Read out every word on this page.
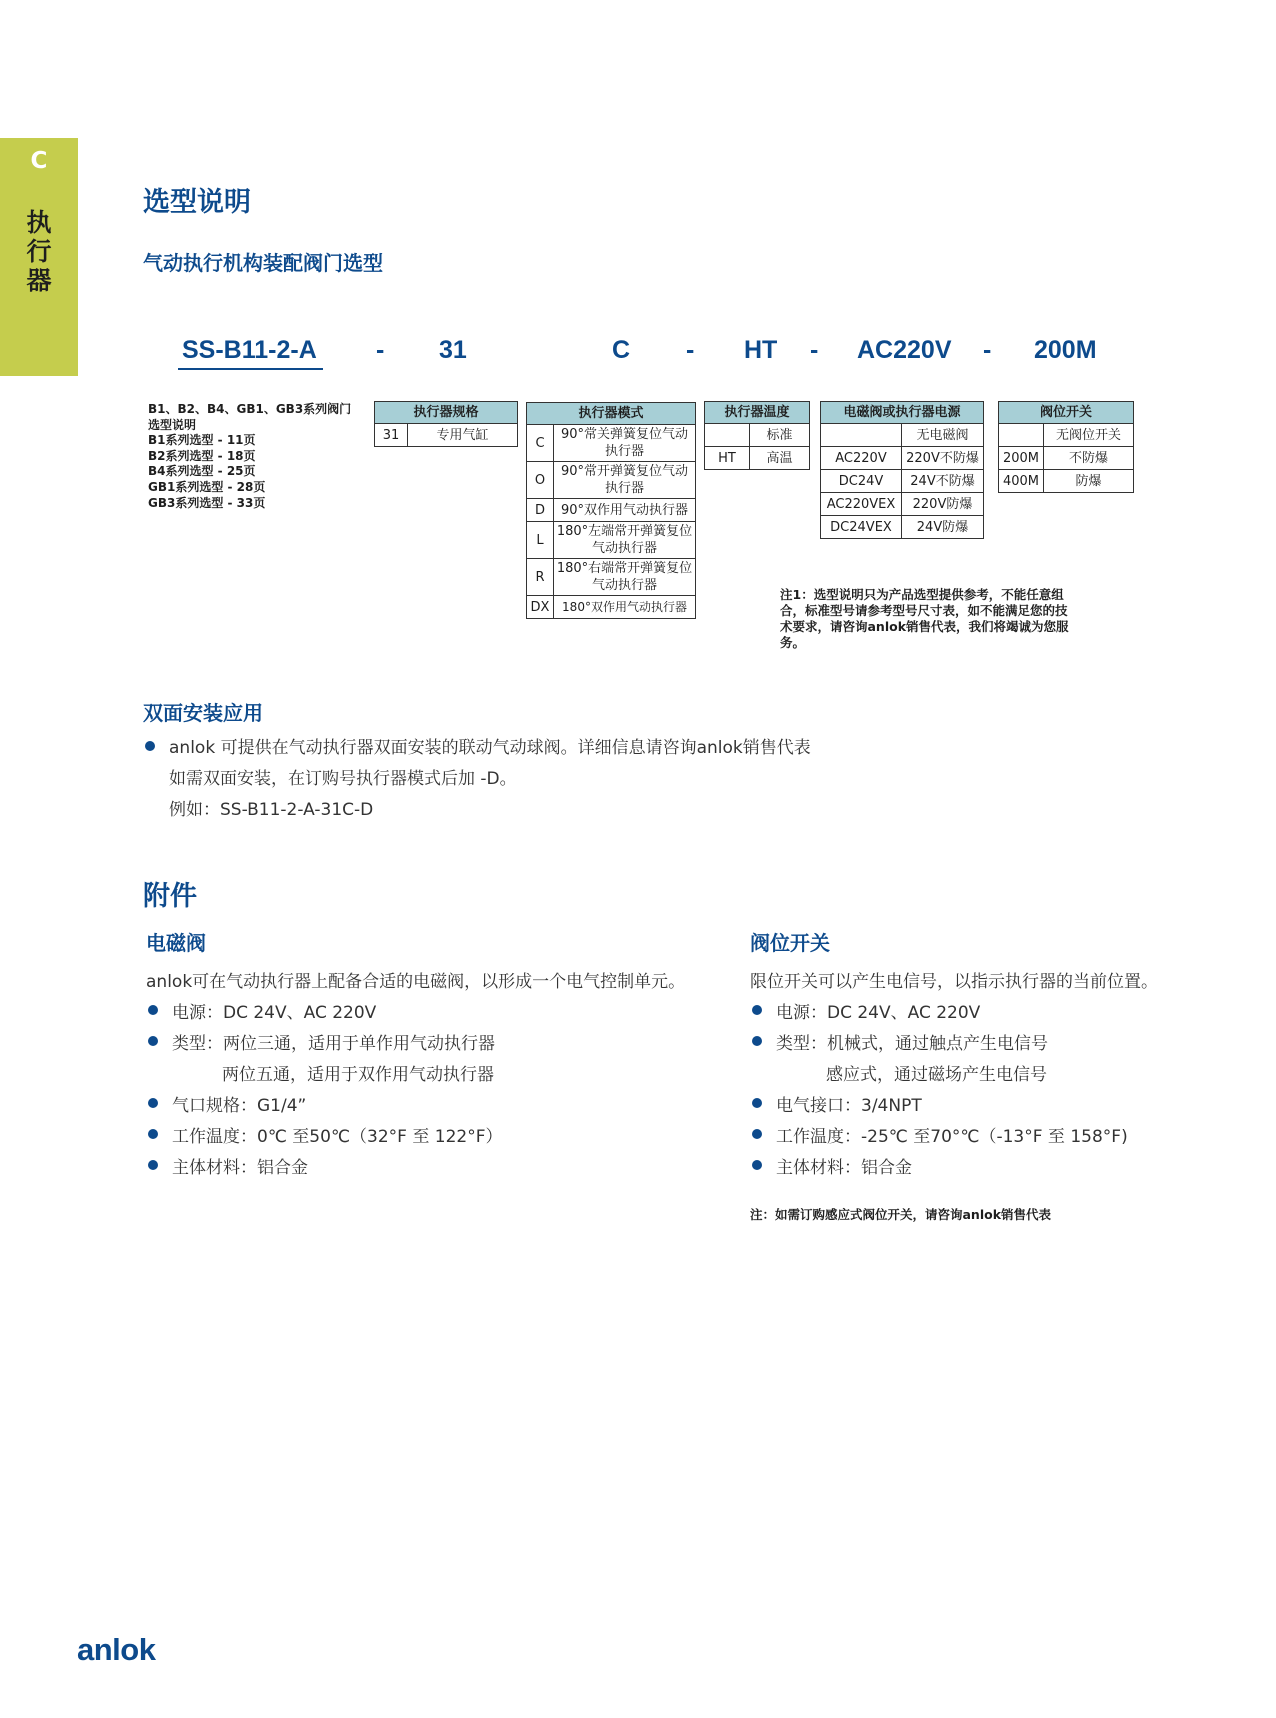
C
执
行
器
选型说明
气动执行机构装配阀门选型
SS-B11-2-A - 31	C - HT - AC220V - 200M
B1、B2、B4、GB1、GB3系列阀门
选型说明
B1系列选型 - 11页
B2系列选型 - 18页
B4系列选型 - 25页
GB1系列选型 - 28页
GB3系列选型 - 33页
执行器规格
31	专用气缸
执行器模式	
C	90°常关弹簧复位气动执行器
O	90°常开弹簧复位气动执行器
D	90°双作用气动执行器
L	180°左端常开弹簧复位气动执行器
R	180°右端常开弹簧复位气动执行器
DX	180°双作用气动执行器
执行器温度	
	标准
HT	高温
电磁阀或执行器电源	
	无电磁阀
AC220V	220V不防爆
DC24V	24V不防爆
AC220VEX	220V防爆
DC24VEX	24V防爆
阀位开关	
	无阀位开关
200M	不防爆
400M	防爆
注1：选型说明只为产品选型提供参考，不能任意组
合，标准型号请参考型号尺寸表，如不能满足您的技
术要求，请咨询anlok销售代表，我们将竭诚为您服
务。
双面安装应用
anlok 可提供在气动执行器双面安装的联动气动球阀。详细信息请咨询anlok销售代表
如需双面安装，在订购号执行器模式后加 -D。
例如：SS-B11-2-A-31C-D
附件
电磁阀
anlok可在气动执行器上配备合适的电磁阀，以形成一个电气控制单元。
电源：DC 24V、AC 220V
类型：两位三通，适用于单作用气动执行器
两位五通，适用于双作用气动执行器
气口规格：G1/4”
工作温度：0℃ 至50℃（32°F 至 122°F）
主体材料：铝合金
阀位开关
限位开关可以产生电信号，以指示执行器的当前位置。
电源：DC 24V、AC 220V
类型：机械式，通过触点产生电信号
感应式，通过磁场产生电信号
电气接口：3/4NPT
工作温度：-25℃ 至70°℃（-13°F 至 158°F)
主体材料：铝合金
注：如需订购感应式阀位开关，请咨询anlok销售代表
anlok
